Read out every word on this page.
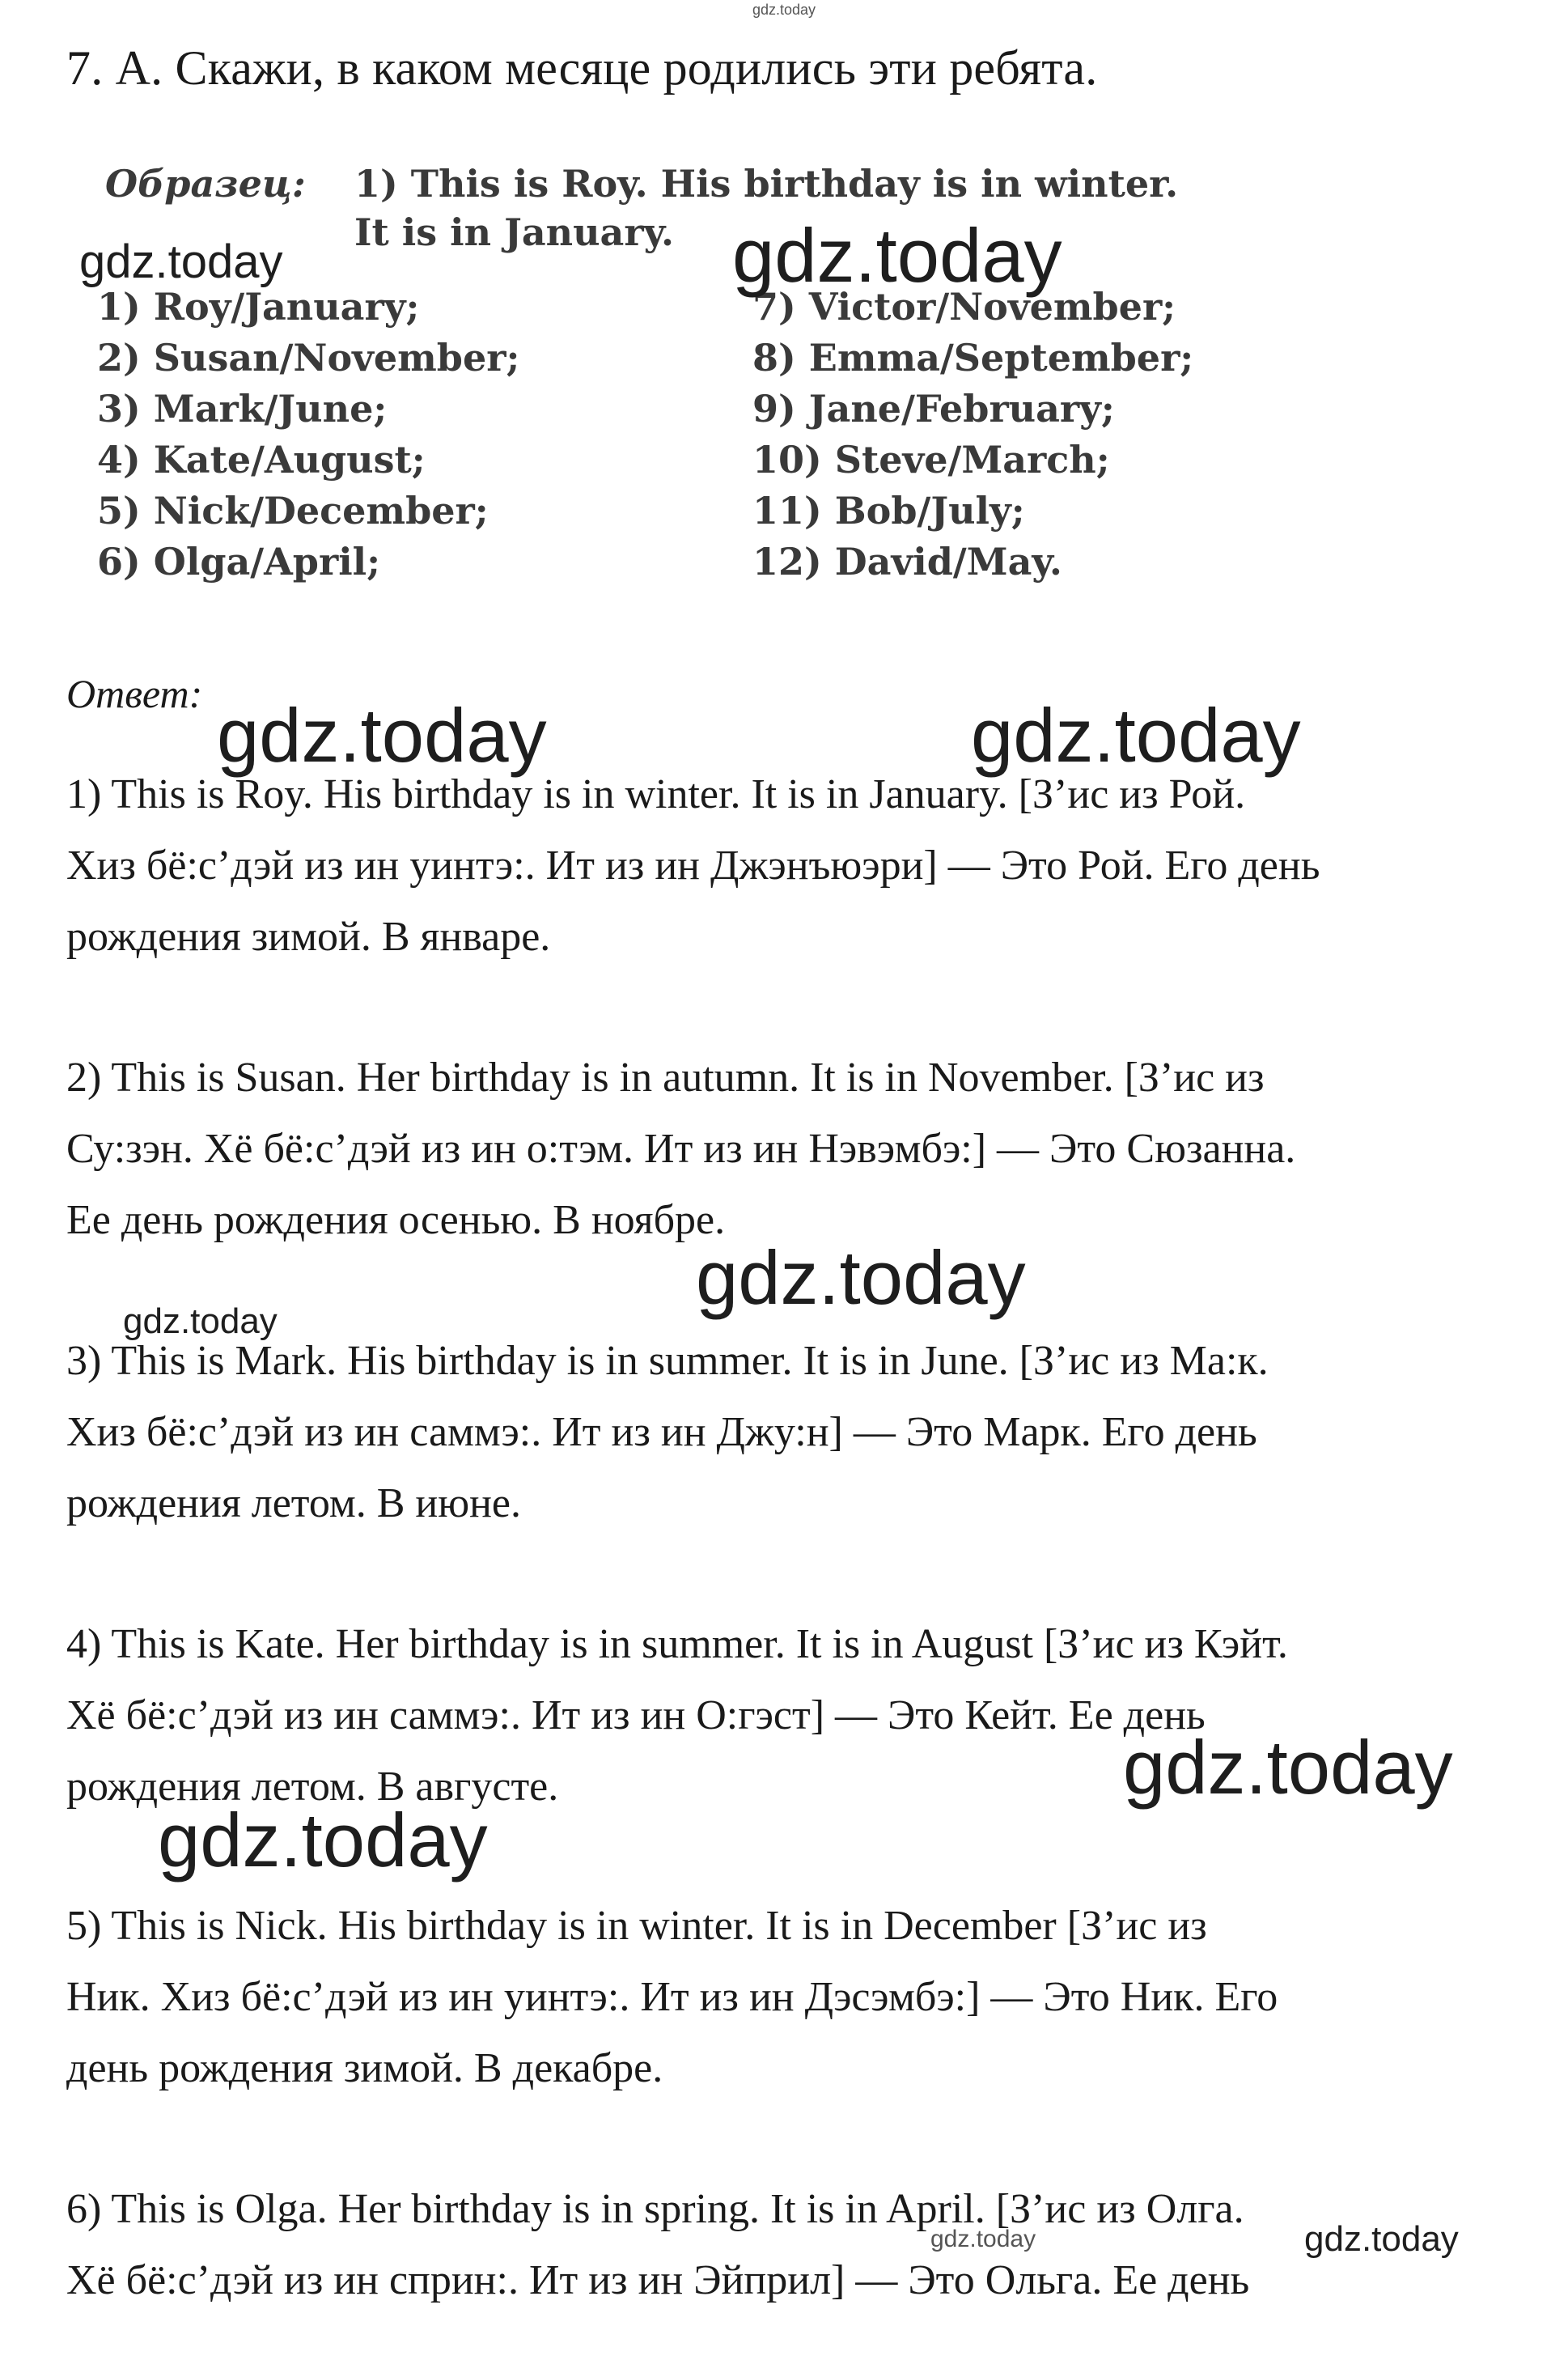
gdz.today
7. А. Скажи, в каком месяце родились эти ребята.
Образец: 1) This is Roy. His birthday is in winter.
It is in January.
1) Roy/January;
2) Susan/November;
3) Mark/June;
4) Kate/August;
5) Nick/December;
6) Olga/April;
7) Victor/November;
8) Emma/September;
9) Jane/February;
10) Steve/March;
11) Bob/July;
12) David/May.
Ответ:
1) This is Roy. His birthday is in winter. It is in January. [З’ис из Рой.
Хиз бё:с’дэй из ин уинтэ:. Ит из ин Джэнъюэри] — Это Рой. Его день
рождения зимой. В январе.
2) This is Susan. Her birthday is in autumn. It is in November. [З’ис из
Су:зэн. Хё бё:с’дэй из ин о:тэм. Ит из ин Нэвэмбэ:] — Это Сюзанна.
Ее день рождения осенью. В ноябре.
3) This is Mark. His birthday is in summer. It is in June. [З’ис из Ма:к.
Хиз бё:с’дэй из ин саммэ:. Ит из ин Джу:н] — Это Марк. Его день
рождения летом. В июне.
4) This is Kate. Her birthday is in summer. It is in August [З’ис из Кэйт.
Хё бё:с’дэй из ин саммэ:. Ит из ин О:гэст] — Это Кейт. Ее день
рождения летом. В августе.
5) This is Nick. His birthday is in winter. It is in December [З’ис из
Ник. Хиз бё:с’дэй из ин уинтэ:. Ит из ин Дэсэмбэ:] — Это Ник. Его
день рождения зимой. В декабре.
6) This is Olga. Her birthday is in spring. It is in April. [З’ис из Олга.
Хё бё:с’дэй из ин сприн:. Ит из ин Эйприл] — Это Ольга. Ее день
gdz.today	gdz.today
gdz.today	gdz.today
gdz.today
gdz.today
gdz.today
gdz.today
gdz.today
gdz.today
